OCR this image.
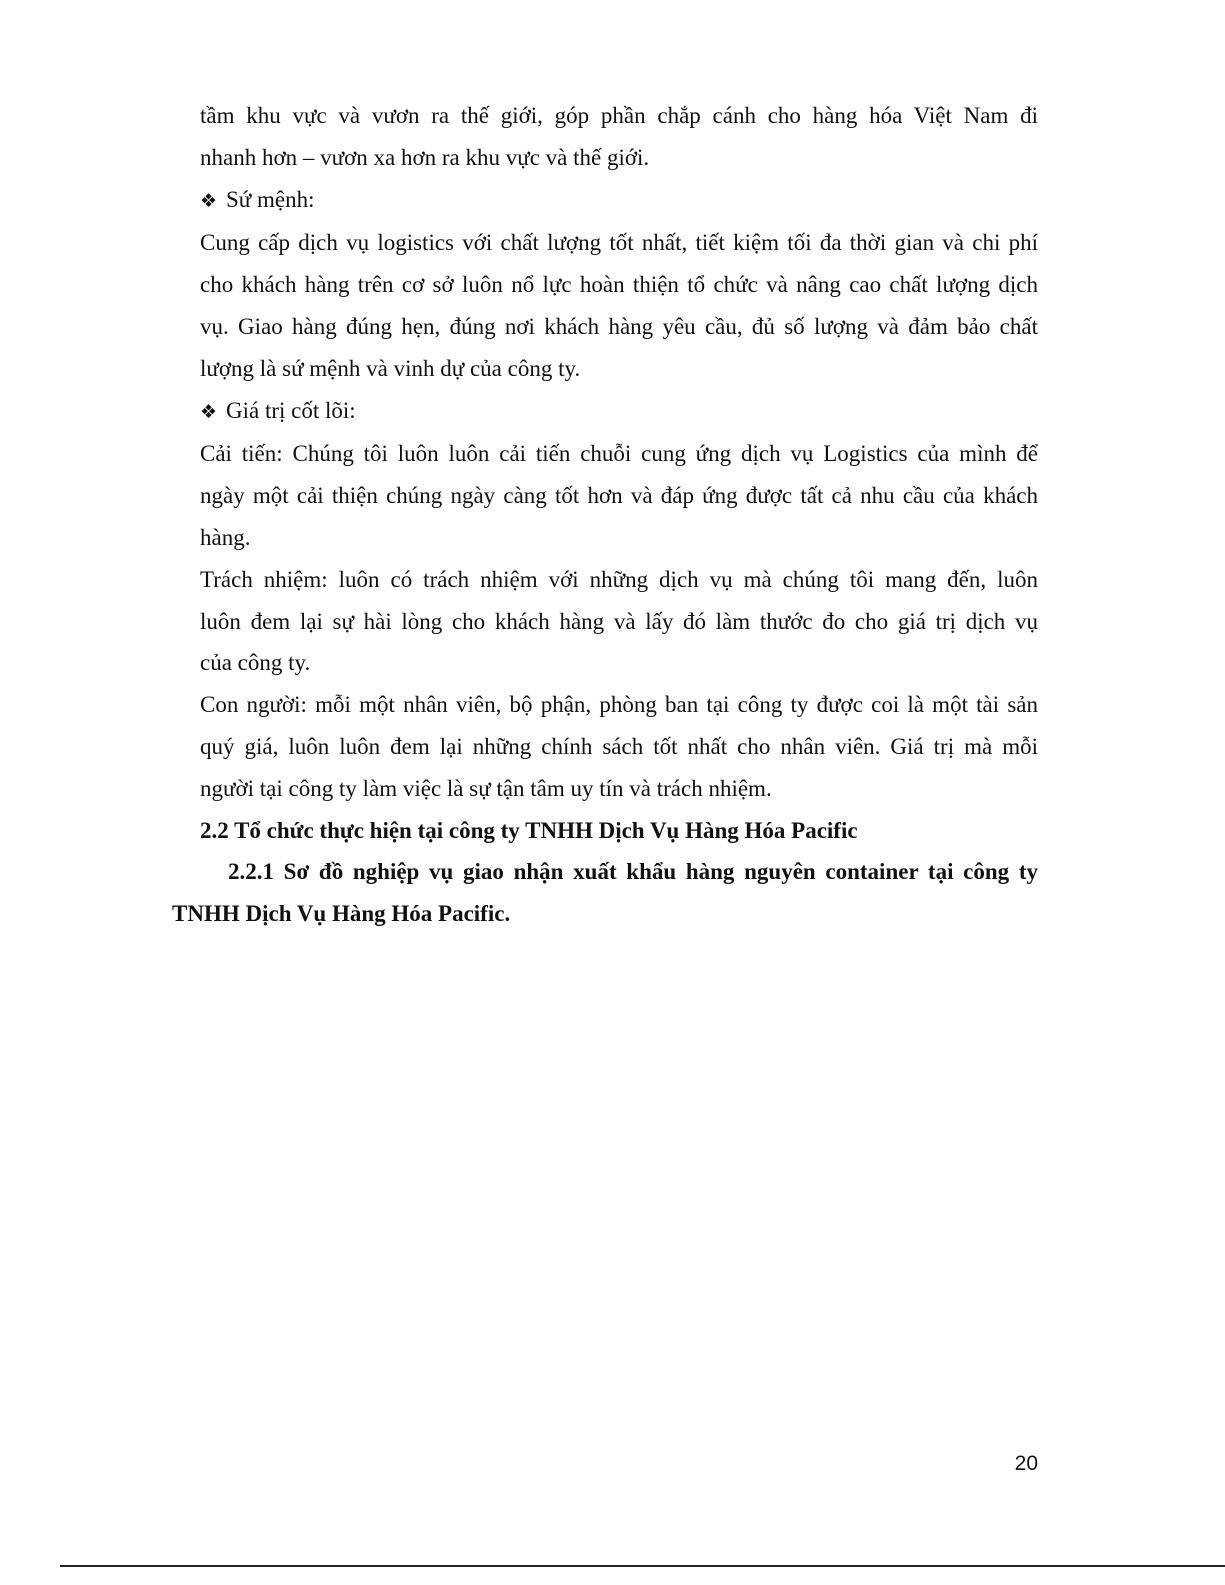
tầm khu vực và vươn ra thế giới, góp phần chắp cánh cho hàng hóa Việt Nam đi

nhanh hơn – vươn xa hơn ra khu vực và thế giới.

❖ Sứ mệnh:

Cung cấp dịch vụ logistics với chất lượng tốt nhất, tiết kiệm tối đa thời gian và chi phí

cho khách hàng trên cơ sở luôn nổ lực hoàn thiện tổ chức và nâng cao chất lượng dịch

vụ. Giao hàng đúng hẹn, đúng nơi khách hàng yêu cầu, đủ số lượng và đảm bảo chất

lượng là sứ mệnh và vinh dự của công ty.

❖ Giá trị cốt lõi:

Cải tiến: Chúng tôi luôn luôn cải tiến chuỗi cung ứng dịch vụ Logistics của mình để

ngày một cải thiện chúng ngày càng tốt hơn và đáp ứng được tất cả nhu cầu của khách

hàng.

Trách nhiệm: luôn có trách nhiệm với những dịch vụ mà chúng tôi mang đến, luôn

luôn đem lại sự hài lòng cho khách hàng và lấy đó làm thước đo cho giá trị dịch vụ

của công ty.

Con người: mỗi một nhân viên, bộ phận, phòng ban tại công ty được coi là một tài sản

quý giá, luôn luôn đem lại những chính sách tốt nhất cho nhân viên. Giá trị mà mỗi

người tại công ty làm việc là sự tận tâm uy tín và trách nhiệm.

2.2 Tổ chức thực hiện tại công ty TNHH Dịch Vụ Hàng Hóa Pacific

2.2.1 Sơ đồ nghiệp vụ giao nhận xuất khẩu hàng nguyên container tại công ty
TNHH Dịch Vụ Hàng Hóa Pacific.

20
